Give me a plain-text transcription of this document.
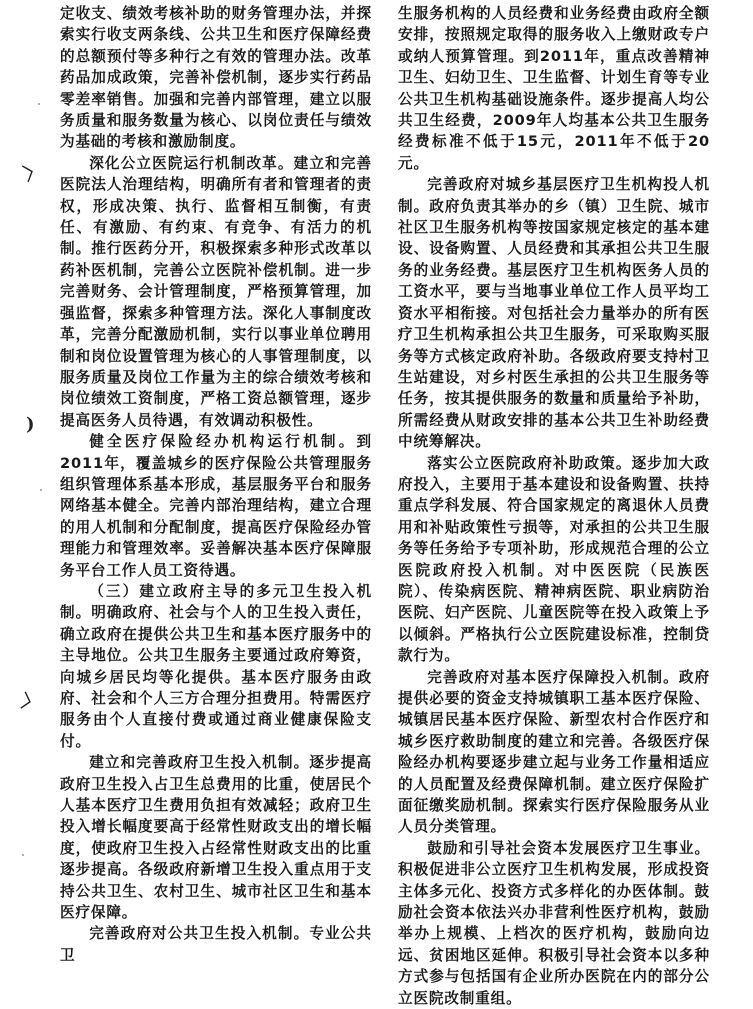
〉
)
〉

定收支、绩效考核补助的财务管理办法，并探索实行收支两条线、公共卫生和医疗保障经费的总额预付等多种行之有效的管理办法。改革药品加成政策，完善补偿机制，逐步实行药品零差率销售。加强和完善内部管理，建立以服务质量和服务数量为核心、以岗位责任与绩效为基础的考核和激励制度。

深化公立医院运行机制改革。建立和完善医院法人治理结构，明确所有者和管理者的责权，形成决策、执行、监督相互制衡，有责任、有激励、有约束、有竞争、有活力的机制。推行医药分开，积极探索多种形式改革以药补医机制，完善公立医院补偿机制。进一步完善财务、会计管理制度，严格预算管理，加强监督，探索多种管理方法。深化人事制度改革，完善分配激励机制，实行以事业单位聘用制和岗位设置管理为核心的人事管理制度，以服务质量及岗位工作量为主的综合绩效考核和岗位绩效工资制度，严格工资总额管理，逐步提高医务人员待遇，有效调动积极性。

健全医疗保险经办机构运行机制。到2011年，覆盖城乡的医疗保险公共管理服务组织管理体系基本形成，基层服务平台和服务网络基本健全。完善内部治理结构，建立合理的用人机制和分配制度，提高医疗保险经办管理能力和管理效率。妥善解决基本医疗保障服务平台工作人员工资待遇。

（三）建立政府主导的多元卫生投入机制。明确政府、社会与个人的卫生投入责任，确立政府在提供公共卫生和基本医疗服务中的主导地位。公共卫生服务主要通过政府筹资，向城乡居民均等化提供。基本医疗服务由政府、社会和个人三方合理分担费用。特需医疗服务由个人直接付费或通过商业健康保险支付。

建立和完善政府卫生投入机制。逐步提高政府卫生投入占卫生总费用的比重，使居民个人基本医疗卫生费用负担有效减轻；政府卫生投入增长幅度要高于经常性财政支出的增长幅度，使政府卫生投入占经常性财政支出的比重逐步提高。各级政府新增卫生投入重点用于支持公共卫生、农村卫生、城市社区卫生和基本医疗保障。

完善政府对公共卫生投入机制。专业公共卫

生服务机构的人员经费和业务经费由政府全额安排，按照规定取得的服务收入上缴财政专户或纳人预算管理。到2011年，重点改善精神卫生、妇幼卫生、卫生监督、计划生育等专业公共卫生机构基础设施条件。逐步提高人均公共卫生经费，2009年人均基本公共卫生服务经费标准不低于15元，2011年不低于20元。

完善政府对城乡基层医疗卫生机构投人机制。政府负责其举办的乡（镇）卫生院、城市社区卫生服务机构等按国家规定核定的基本建设、设备购置、人员经费和其承担公共卫生服务的业务经费。基层医疗卫生机构医务人员的工资水平，要与当地事业单位工作人员平均工资水平相衔接。对包括社会力量举办的所有医疗卫生机构承担公共卫生服务，可采取购买服务等方式核定政府补助。各级政府要支持村卫生站建设，对乡村医生承担的公共卫生服务等任务，按其提供服务的数量和质量给予补助，所需经费从财政安排的基本公共卫生补助经费中统筹解决。

落实公立医院政府补助政策。逐步加大政府投入，主要用于基本建设和设备购置、扶持重点学科发展、符合国家规定的离退休人员费用和补贴政策性亏损等，对承担的公共卫生服务等任务给予专项补助，形成规范合理的公立医院政府投入机制。对中医医院（民族医院）、传染病医院、精神病医院、职业病防治医院、妇产医院、儿童医院等在投入政策上予以倾斜。严格执行公立医院建设标准，控制贷款行为。

完善政府对基本医疗保障投入机制。政府提供必要的资金支持城镇职工基本医疗保险、城镇居民基本医疗保险、新型农村合作医疗和城乡医疗救助制度的建立和完善。各级医疗保险经办机构要逐步建立起与业务工作量相适应的人员配置及经费保障机制。建立医疗保险扩面征缴奖励机制。探索实行医疗保险服务从业人员分类管理。

鼓励和引导社会资本发展医疗卫生事业。积极促进非公立医疗卫生机构发展，形成投资主体多元化、投资方式多样化的办医体制。鼓励社会资本依法兴办非营利性医疗机构，鼓励举办上规模、上档次的医疗机构，鼓励向边远、贫困地区延伸。积极引导社会资本以多种方式参与包括国有企业所办医院在内的部分公立医院改制重组。
